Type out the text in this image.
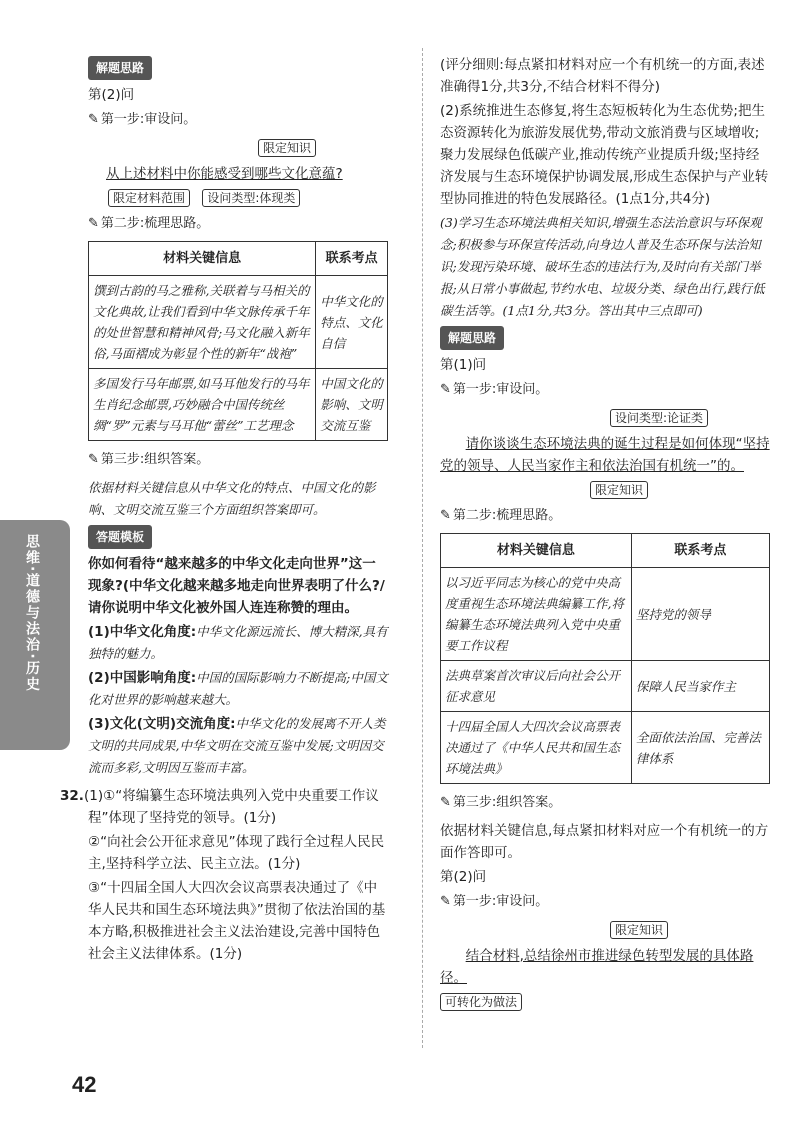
解题思路

第(2)问

✎ 第一步:审设问。

限定知识

从上述材料中你能感受到哪些文化意蕴?

限定材料范围 设问类型:体现类

✎ 第二步:梳理思路。

材料关键信息	联系考点
馔到古韵的马之雅称,关联着与马相关的文化典故,让我们看到中华文脉传承千年的处世智慧和精神风骨;马文化融入新年俗,马面褶成为彰显个性的新年“战袍”	中华文化的特点、文化自信
多国发行马年邮票,如马耳他发行的马年生肖纪念邮票,巧妙融合中国传统丝绸“罗”元素与马耳他“蕾丝”工艺理念	中国文化的影响、文明交流互鉴

✎ 第三步:组织答案。

依据材料关键信息从中华文化的特点、中国文化的影响、文明交流互鉴三个方面组织答案即可。

答题模板

你如何看待“越来越多的中华文化走向世界”这一现象?(中华文化越来越多地走向世界表明了什么?/请你说明中华文化被外国人连连称赞的理由。

(1)中华文化角度:中华文化源远流长、博大精深,具有独特的魅力。

(2)中国影响角度:中国的国际影响力不断提高;中国文化对世界的影响越来越大。

(3)文化(文明)交流角度:中华文化的发展离不开人类文明的共同成果,中华文明在交流互鉴中发展;文明因交流而多彩,文明因互鉴而丰富。

32.(1)①“将编纂生态环境法典列入党中央重要工作议程”体现了坚持党的领导。(1分)

②“向社会公开征求意见”体现了践行全过程人民民主,坚持科学立法、民主立法。(1分)

③“十四届全国人大四次会议高票表决通过了《中华人民共和国生态环境法典》”贯彻了依法治国的基本方略,积极推进社会主义法治建设,完善中国特色社会主义法律体系。(1分)

(评分细则:每点紧扣材料对应一个有机统一的方面,表述准确得1分,共3分,不结合材料不得分)

(2)系统推进生态修复,将生态短板转化为生态优势;把生态资源转化为旅游发展优势,带动文旅消费与区域增收;聚力发展绿色低碳产业,推动传统产业提质升级;坚持经济发展与生态环境保护协调发展,形成生态保护与产业转型协同推进的特色发展路径。(1点1分,共4分)

(3)学习生态环境法典相关知识,增强生态法治意识与环保观念;积极参与环保宣传活动,向身边人普及生态环保与法治知识;发现污染环境、破坏生态的违法行为,及时向有关部门举报;从日常小事做起,节约水电、垃圾分类、绿色出行,践行低碳生活等。(1点1分,共3分。答出其中三点即可)

解题思路

第(1)问

✎ 第一步:审设问。

设问类型:论证类

请你谈谈生态环境法典的诞生过程是如何体现“坚持党的领导、人民当家作主和依法治国有机统一”的。

限定知识

✎ 第二步:梳理思路。

材料关键信息	联系考点
以习近平同志为核心的党中央高度重视生态环境法典编纂工作,将编纂生态环境法典列入党中央重要工作议程	坚持党的领导
法典草案首次审议后向社会公开征求意见	保障人民当家作主
十四届全国人大四次会议高票表决通过了《中华人民共和国生态环境法典》	全面依法治国、完善法律体系

✎ 第三步:组织答案。

依据材料关键信息,每点紧扣材料对应一个有机统一的方面作答即可。

第(2)问

✎ 第一步:审设问。

限定知识

结合材料,总结徐州市推进绿色转型发展的具体路径。

可转化为做法
思维·道德与法治·历史
42
